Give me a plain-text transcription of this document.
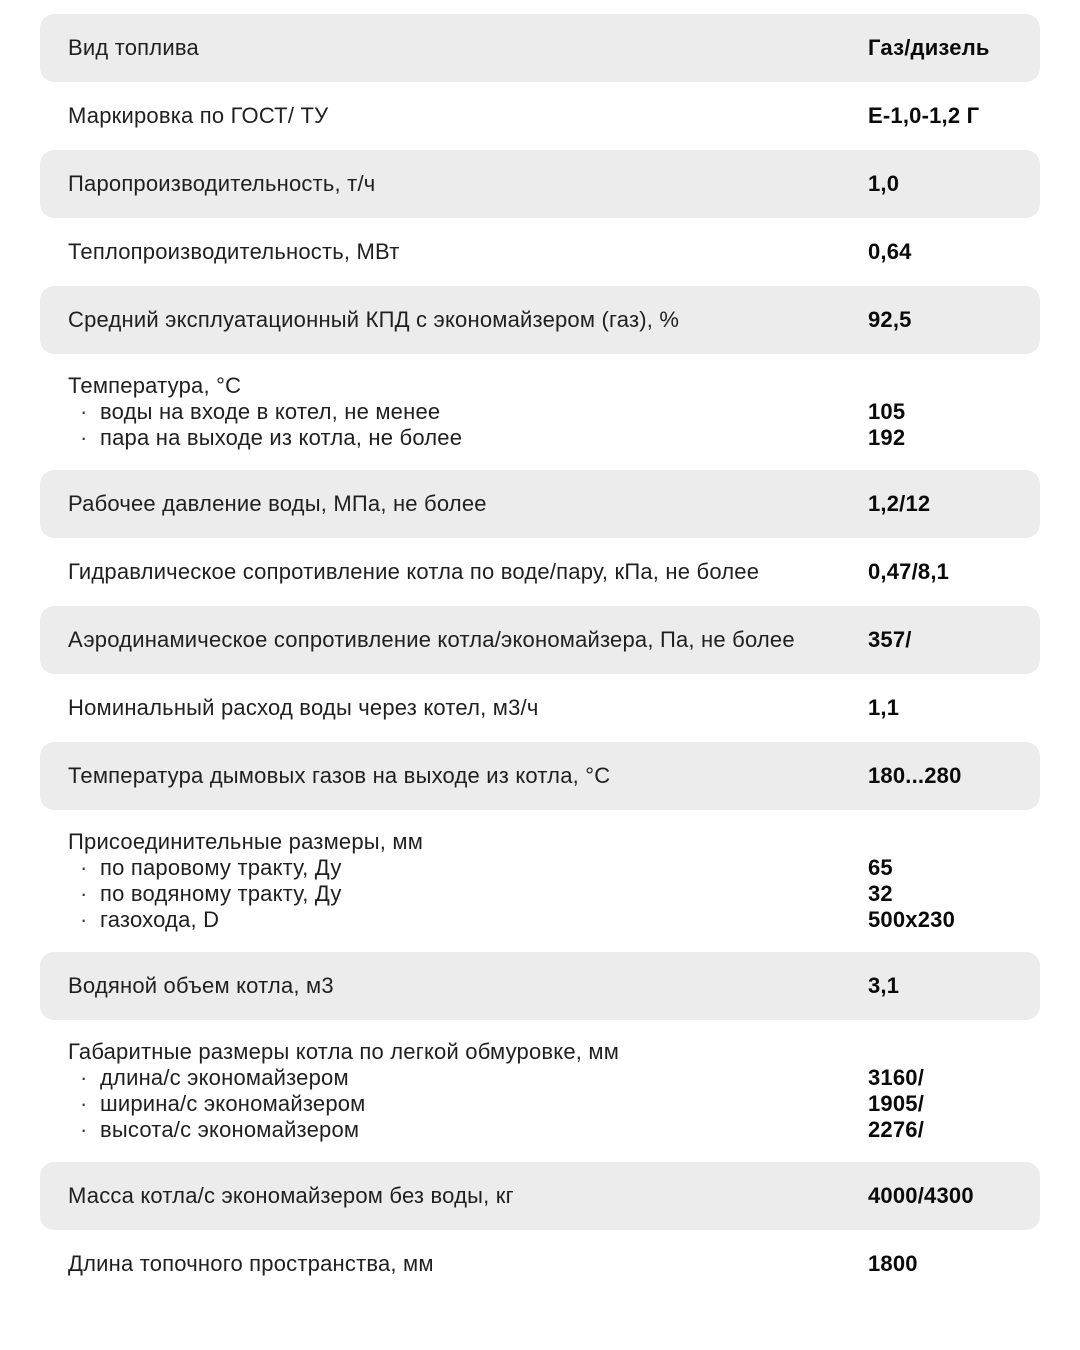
Вид топлива	Газ/дизель
Маркировка по ГОСТ/ ТУ	Е-1,0-1,2 Г
Паропроизводительность, т/ч	1,0
Теплопроизводительность, МВт	0,64
Средний эксплуатационный КПД с экономайзером (газ), %	92,5
Температура, °С
· воды на входе в котел, не менее	105
· пара на выходе из котла, не более	192
Рабочее давление воды, МПа, не более	1,2/12
Гидравлическое сопротивление котла по воде/пару, кПа, не более	0,47/8,1
Аэродинамическое сопротивление котла/экономайзера, Па, не более	357/
Номинальный расход воды через котел, м3/ч	1,1
Температура дымовых газов на выходе из котла, °С	180...280
Присоединительные размеры, мм
· по паровому тракту, Ду	65
· по водяному тракту, Ду	32
· газохода, D	500x230
Водяной объем котла, м3	3,1
Габаритные размеры котла по легкой обмуровке, мм
· длина/с экономайзером	3160/
· ширина/с экономайзером	1905/
· высота/с экономайзером	2276/
Масса котла/с экономайзером без воды, кг	4000/4300
Длина топочного пространства, мм	1800
